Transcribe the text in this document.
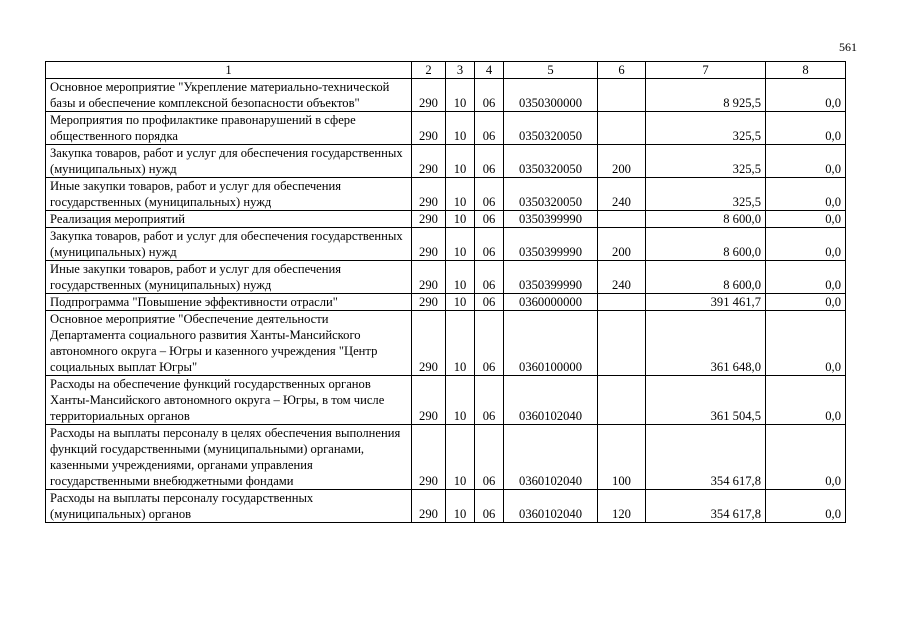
561
1	2	3	4	5	6	7	8
Основное мероприятие "Укрепление материально-технической базы и обеспечение комплексной безопасности объектов"	290	10	06	0350300000		8 925,5	0,0
Мероприятия по профилактике правонарушений в сфере общественного порядка	290	10	06	0350320050		325,5	0,0
Закупка товаров, работ и услуг для обеспечения государственных (муниципальных) нужд	290	10	06	0350320050	200	325,5	0,0
Иные закупки товаров, работ и услуг для обеспечения государственных (муниципальных) нужд	290	10	06	0350320050	240	325,5	0,0
Реализация мероприятий	290	10	06	0350399990		8 600,0	0,0
Закупка товаров, работ и услуг для обеспечения государственных (муниципальных) нужд	290	10	06	0350399990	200	8 600,0	0,0
Иные закупки товаров, работ и услуг для обеспечения государственных (муниципальных) нужд	290	10	06	0350399990	240	8 600,0	0,0
Подпрограмма "Повышение эффективности отрасли"	290	10	06	0360000000		391 461,7	0,0
Основное мероприятие "Обеспечение деятельности Департамента социального развития Ханты-Мансийского автономного округа – Югры и казенного учреждения "Центр социальных выплат Югры"	290	10	06	0360100000		361 648,0	0,0
Расходы на обеспечение функций государственных органов Ханты-Мансийского автономного округа – Югры, в том числе территориальных органов	290	10	06	0360102040		361 504,5	0,0
Расходы на выплаты персоналу в целях обеспечения выполнения функций государственными (муниципальными) органами, казенными учреждениями, органами управления государственными внебюджетными фондами	290	10	06	0360102040	100	354 617,8	0,0
Расходы на выплаты персоналу государственных (муниципальных) органов	290	10	06	0360102040	120	354 617,8	0,0
